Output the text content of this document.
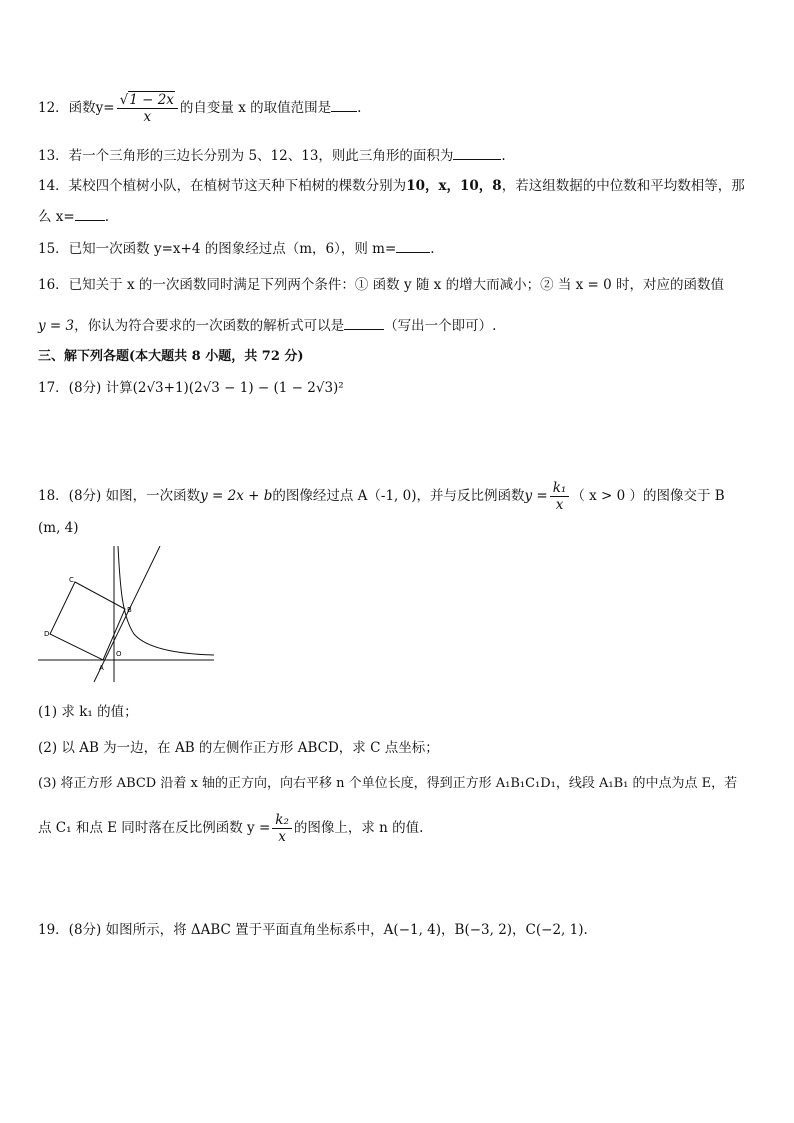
12．函数$y= \frac{√1 - 2x}{x}$ 的自变量 x 的取值范围是 .
13．若一个三角形的三边长分别为 5、12、13，则此三角形的面积为	.
14．某校四个植树小队，在植树节这天种下柏树的棵数分别为10，x，10，8，若这组数据的中位数和平均数相等，那
么 x= .
15．已知一次函数 y=x+4 的图象经过点（m，6），则 m=	.
16．已知关于 x 的一次函数同时满足下列两个条件：① 函数 y 随 x 的增大而减小；② 当 x = 0 时，对应的函数值
y = 3，你认为符合要求的一次函数的解析式可以是	（写出一个即可）.
三、解下列各题(本大题共 8 小题，共 72 分)
17．(8分) 计算(2√3+1)(2√3 − 1) − (1 − 2√3)²
18．(8分) 如图，一次函数y = 2x + b的图像经过点 A（-1, 0)，并与反比例函数$y = \frac{\text{k₁}}{x}$ （ x > 0 ）的图像交于 B
(m, 4)
C
B
D
A
O
(1) 求 k₁ 的值；
(2) 以 AB 为一边，在 AB 的左侧作正方形 ABCD，求 C 点坐标；
(3) 将正方形 ABCD 沿着 x 轴的正方向，向右平移 n 个单位长度，得到正方形 A₁B₁C₁D₁，线段 A₁B₁ 的中点为点 E，若
点 C₁ 和点 E 同时落在反比例函数 $y = \frac{\text{k₂}}{x}$ 的图像上，求 n 的值.
19．(8分) 如图所示，将 ΔABC 置于平面直角坐标系中，A(−1, 4)，B(−3, 2)，C(−2, 1).
